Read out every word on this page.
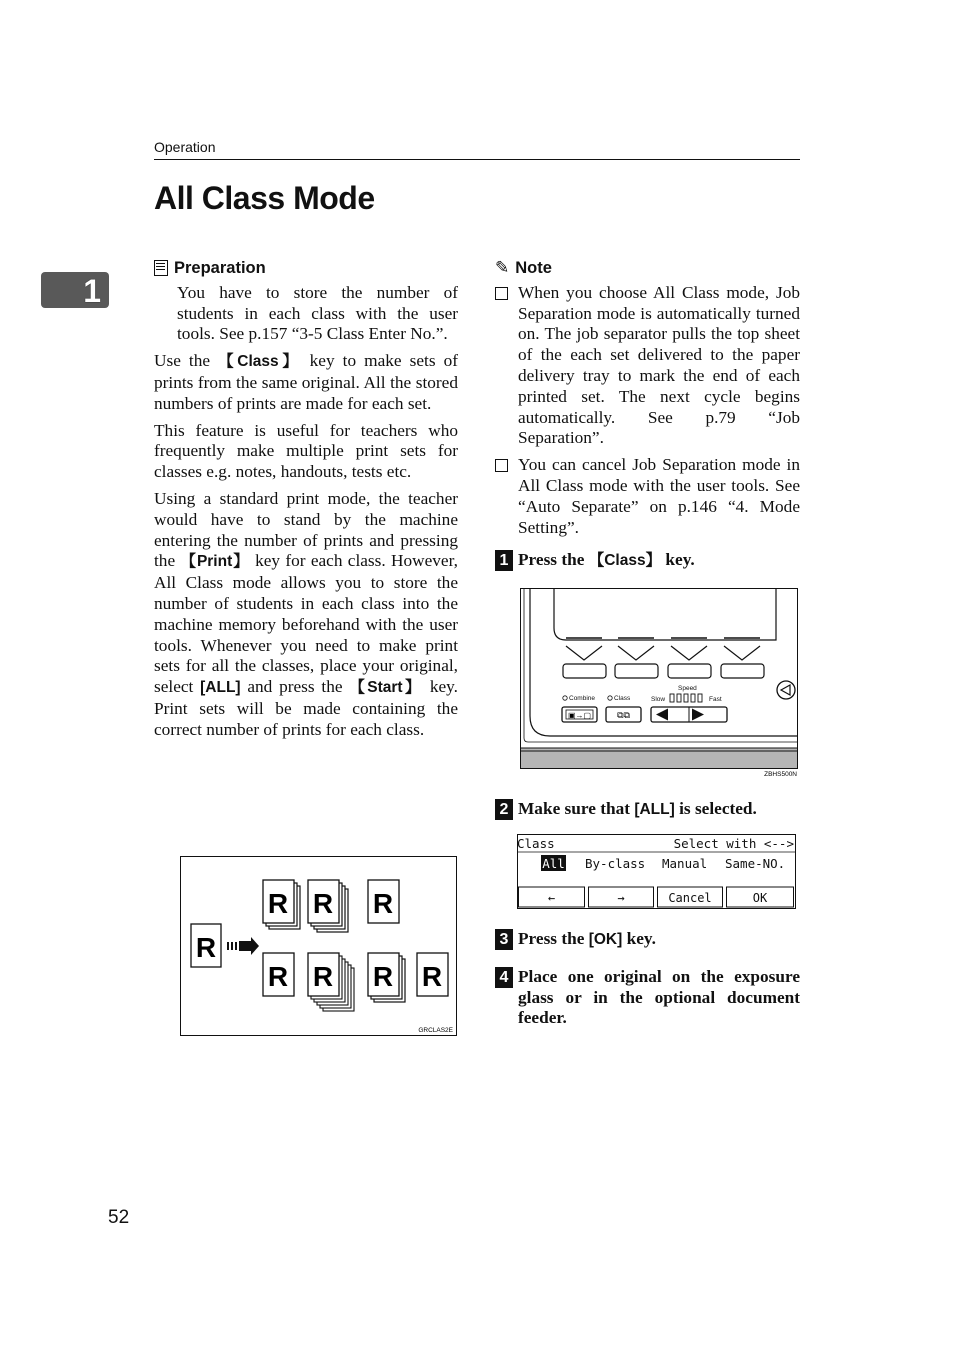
Operation
All Class Mode
1
Preparation

You have to store the number of students in each class with the user tools. See p.157 “3-5 Class Enter No.”.

Use the 【Class】 key to make sets of prints from the same original. All the stored numbers of prints are made for each set.

This feature is useful for teachers who frequently make multiple print sets for classes e.g. notes, handouts, tests etc.

Using a standard print mode, the teacher would have to stand by the machine entering the number of prints and pressing the 【Print】 key for each class. However, All Class mode allows you to store the number of students in each class into the machine memory beforehand with the user tools. Whenever you need to make print sets for all the classes, place your original, select [ALL] and press the 【Start】 key. Print sets will be made containing the correct number of prints for each class.

R
R R R
R R R R
GRCLAS2E
✎ Note
When you choose All Class mode, Job Separation mode is automatically turned on. The job separator pulls the top sheet of the each set delivered to the paper delivery tray to mark the end of each printed set. The next cycle begins automatically. See p.79 “Job Separation”.
You can cancel Job Separation mode in All Class mode with the user tools. See “Auto Separate” on p.146 “4. Mode Setting”.
1 Press the 【Class】 key.
2 Make sure that [ALL] is selected.
3 Press the [OK] key.
4 Place one original on the exposure glass or in the optional document feeder.
Combine	Class
Speed
Slow	Fast
▣→▢	⧉⧉
ZBHS500N
Class	Select with <-->
All By-class Manual Same-NO.
←	→	Cancel	OK
52
